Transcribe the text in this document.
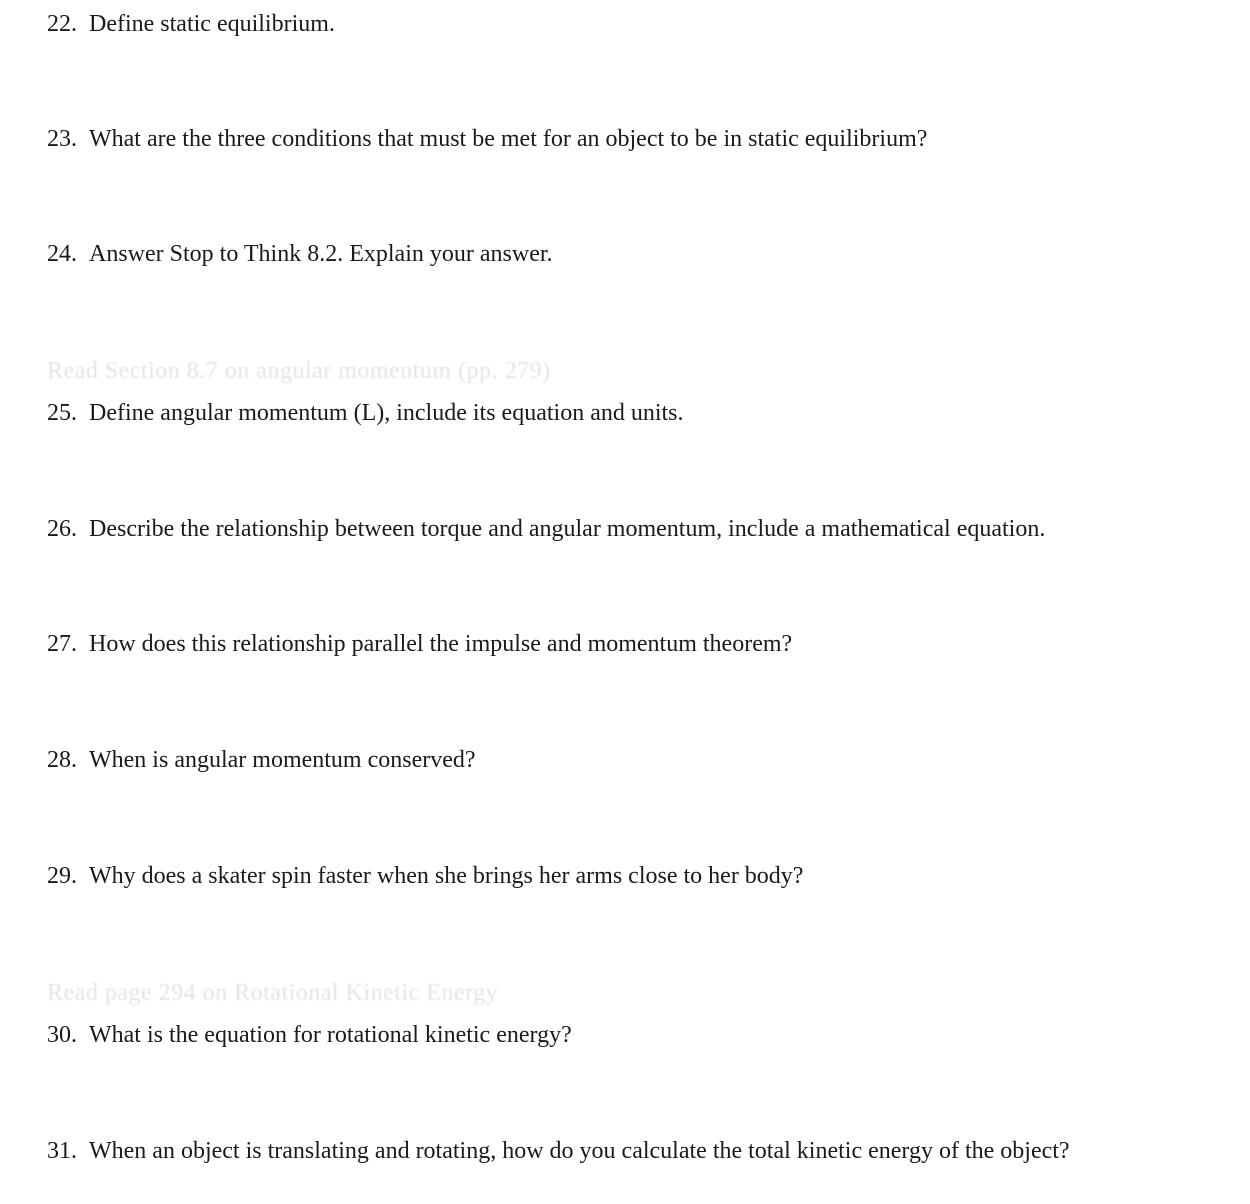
22. Define static equilibrium.
23. What are the three conditions that must be met for an object to be in static equilibrium?
24. Answer Stop to Think 8.2. Explain your answer.
Read Section 8.7 on angular momentum (pp. 279)
25. Define angular momentum (L), include its equation and units.
26. Describe the relationship between torque and angular momentum, include a mathematical equation.
27. How does this relationship parallel the impulse and momentum theorem?
28. When is angular momentum conserved?
29. Why does a skater spin faster when she brings her arms close to her body?
Read page 294 on Rotational Kinetic Energy
30. What is the equation for rotational kinetic energy?
31. When an object is translating and rotating, how do you calculate the total kinetic energy of the object?
